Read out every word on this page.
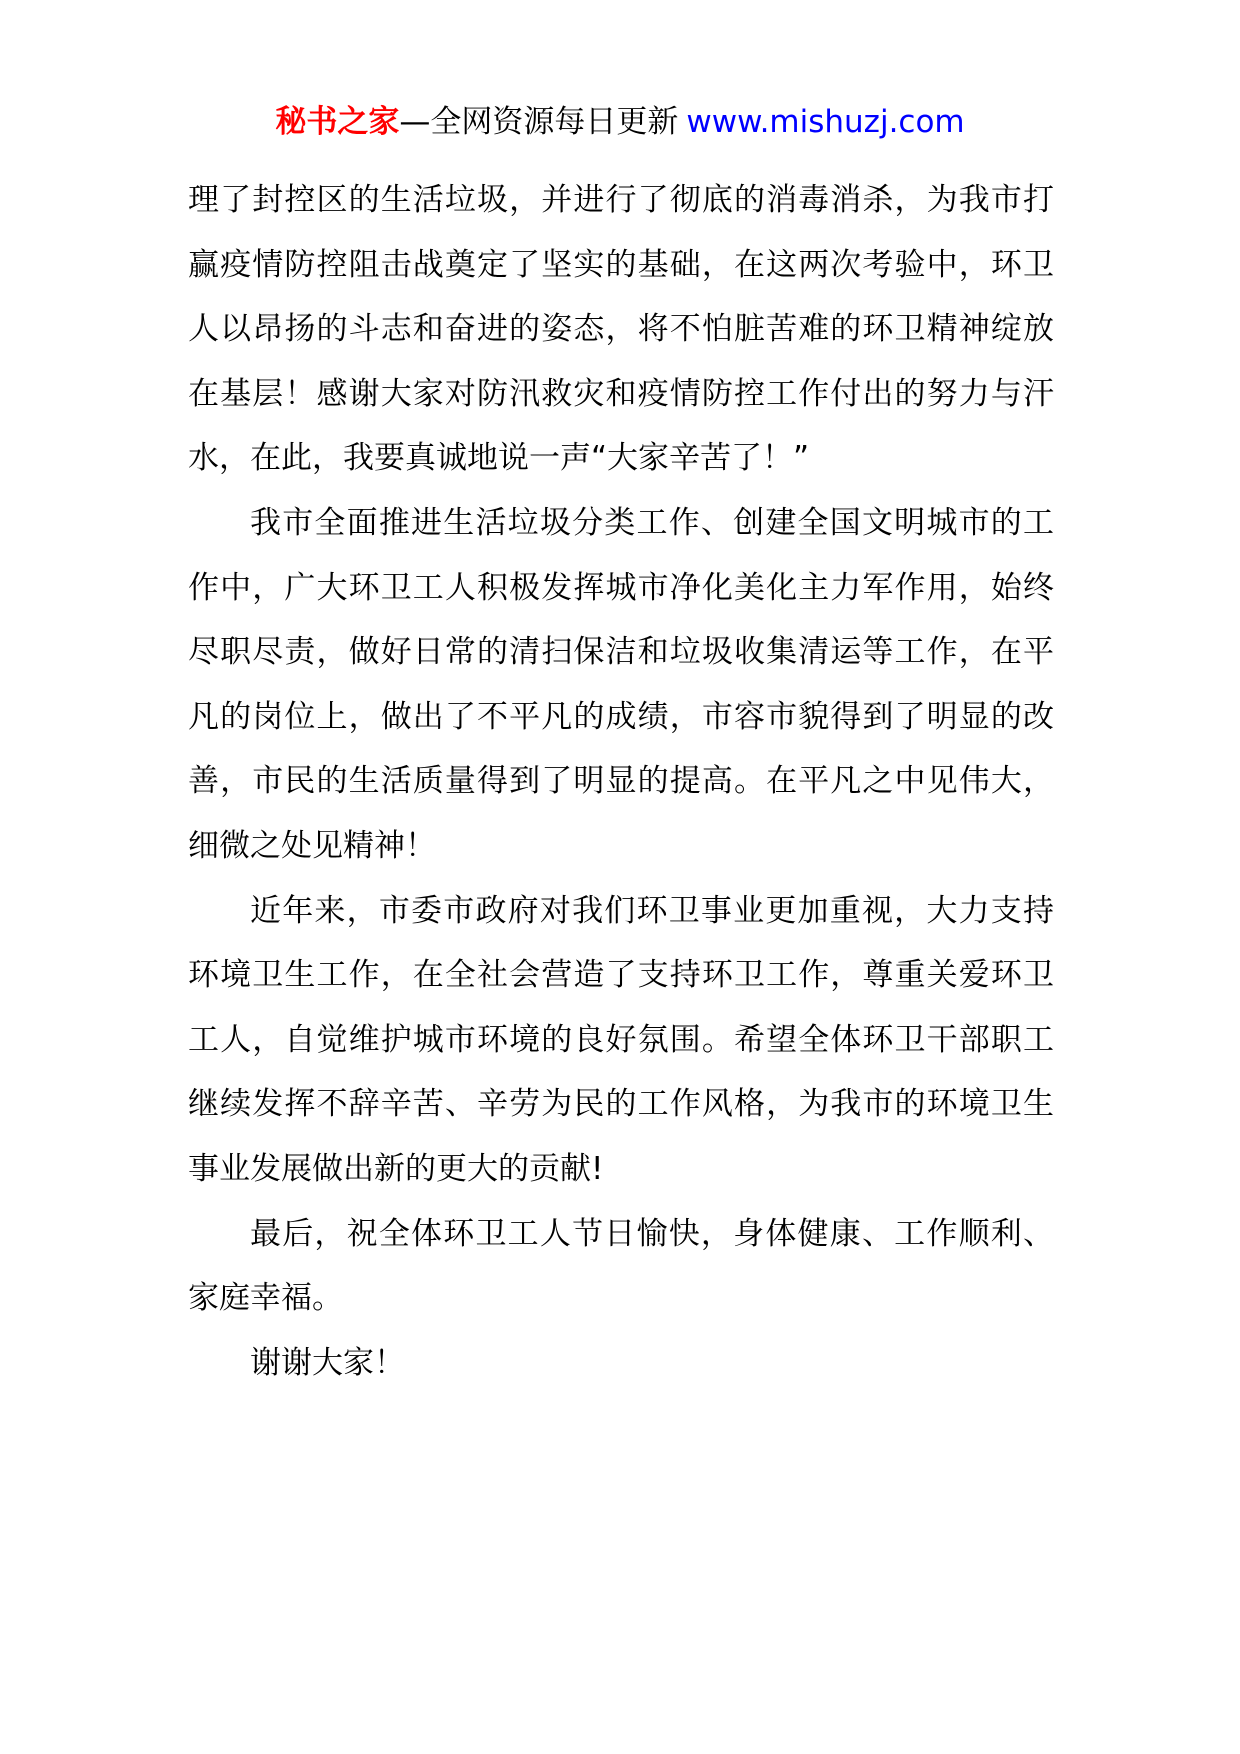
秘书之家—全网资源每日更新 www.mishuzj.com

理了封控区的生活垃圾，并进行了彻底的消毒消杀，为我市打赢疫情防控阻击战奠定了坚实的基础，在这两次考验中，环卫人以昂扬的斗志和奋进的姿态，将不怕脏苦难的环卫精神绽放在基层！感谢大家对防汛救灾和疫情防控工作付出的努力与汗水，在此，我要真诚地说一声“大家辛苦了！”

我市全面推进生活垃圾分类工作、创建全国文明城市的工作中，广大环卫工人积极发挥城市净化美化主力军作用，始终尽职尽责，做好日常的清扫保洁和垃圾收集清运等工作，在平凡的岗位上，做出了不平凡的成绩，市容市貌得到了明显的改善，市民的生活质量得到了明显的提高。在平凡之中见伟大，细微之处见精神！

近年来，市委市政府对我们环卫事业更加重视，大力支持环境卫生工作，在全社会营造了支持环卫工作，尊重关爱环卫工人，自觉维护城市环境的良好氛围。希望全体环卫干部职工继续发挥不辞辛苦、辛劳为民的工作风格，为我市的环境卫生事业发展做出新的更大的贡献!

最后，祝全体环卫工人节日愉快，身体健康、工作顺利、家庭幸福。

谢谢大家！
